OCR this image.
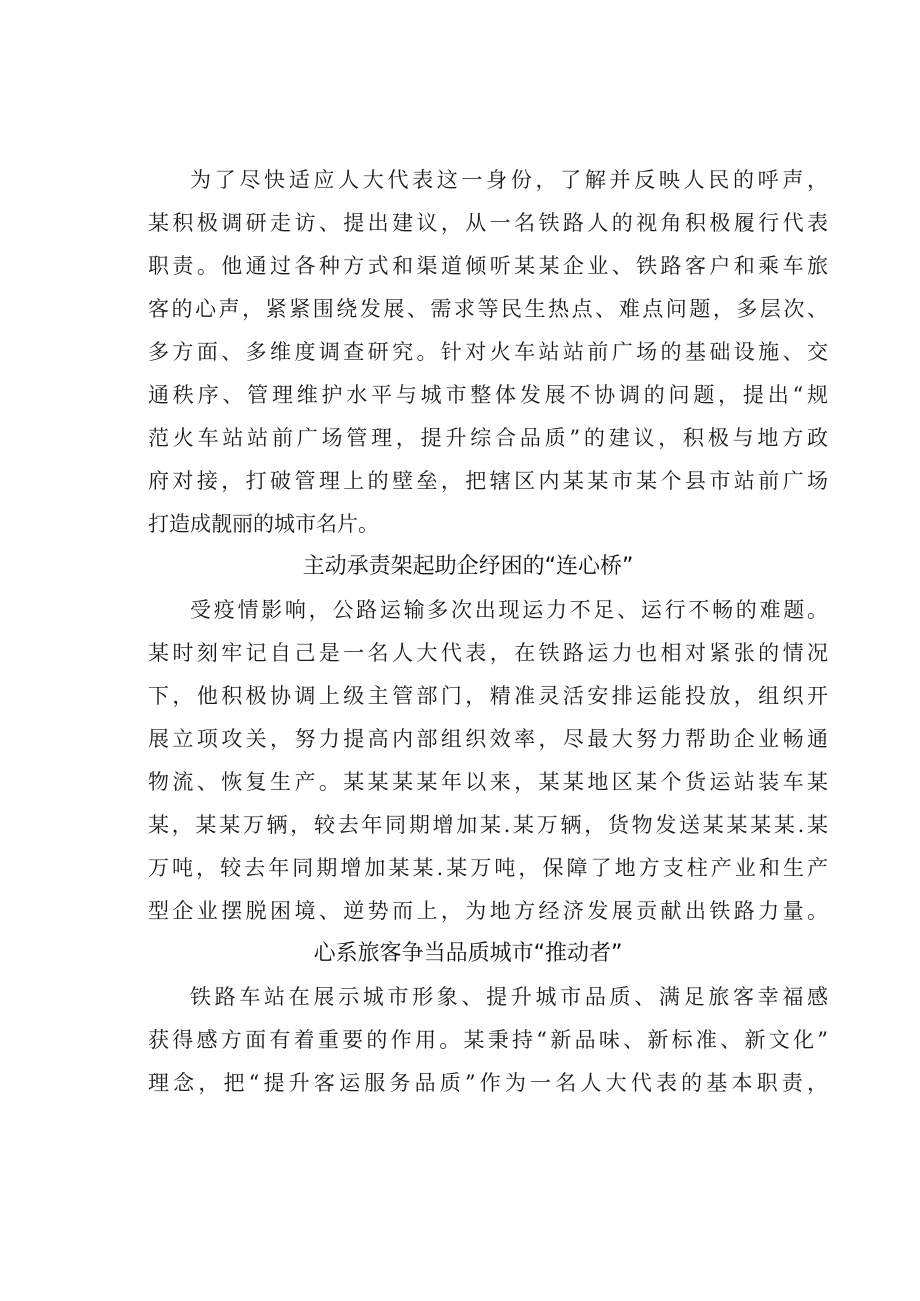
为了尽快适应人大代表这一身份，了解并反映人民的呼声，
某积极调研走访、提出建议，从一名铁路人的视角积极履行代表
职责。他通过各种方式和渠道倾听某某企业、铁路客户和乘车旅
客的心声，紧紧围绕发展、需求等民生热点、难点问题，多层次、
多方面、多维度调查研究。针对火车站站前广场的基础设施、交
通秩序、管理维护水平与城市整体发展不协调的问题，提出“规
范火车站站前广场管理，提升综合品质”的建议，积极与地方政
府对接，打破管理上的壁垒，把辖区内某某市某个县市站前广场
打造成靓丽的城市名片。
主动承责架起助企纾困的“连心桥”
受疫情影响，公路运输多次出现运力不足、运行不畅的难题。
某时刻牢记自己是一名人大代表，在铁路运力也相对紧张的情况
下，他积极协调上级主管部门，精准灵活安排运能投放，组织开
展立项攻关，努力提高内部组织效率，尽最大努力帮助企业畅通
物流、恢复生产。某某某某年以来，某某地区某个货运站装车某
某，某某万辆，较去年同期增加某.某万辆，货物发送某某某某.某
万吨，较去年同期增加某某.某万吨，保障了地方支柱产业和生产
型企业摆脱困境、逆势而上，为地方经济发展贡献出铁路力量。
心系旅客争当品质城市“推动者”
铁路车站在展示城市形象、提升城市品质、满足旅客幸福感
获得感方面有着重要的作用。某秉持“新品味、新标准、新文化”
理念，把“提升客运服务品质”作为一名人大代表的基本职责，
